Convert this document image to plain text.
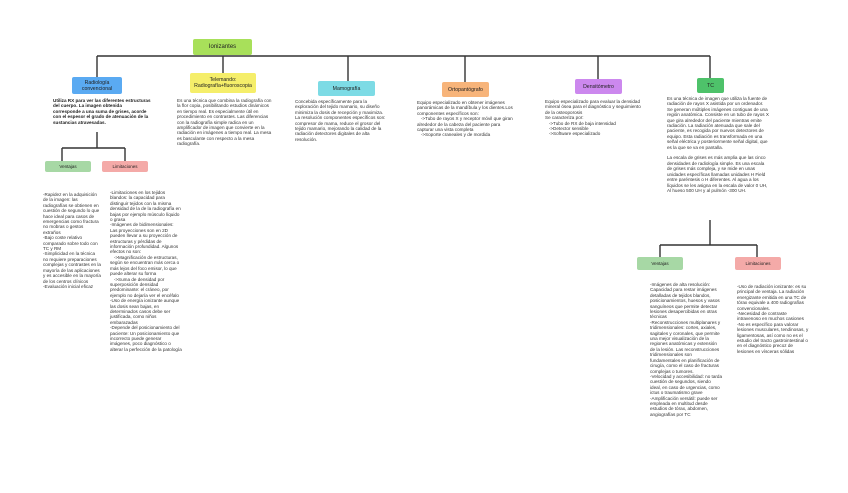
Ionizantes
Radiología convencional
Utiliza RX para ver las diferentes estructuras del cuerpo. La imagen obtenida corresponde a una suma de grises, acorde con el espesor el grado de atenuación de la sustancias atravesadas.
Ventajas	Limitaciones
-Rapidez en la adquisición de la imagen: las radiografías se obtienen en cuestión de segundo lo que hace ideal para casos de emergencias como fractura no mobras o gestos extraños
-Bajo coste relativo comparado sobre todo con TC y RM
-Simplicidad en la técnica no requiere preparaciones complejas y contrastes en la mayoría de las aplicaciones y es accesible en la mayoría de los centros clínicos
-Evaluación inicial eficaz
-Limitaciones en los tejidos blandos: la capacidad para distinguir tejidos con la misma densidad de la de la radiografía en bajas por ejemplo músculo líquido o grasa
-Imágenes de bidimensionales: Las proyecciones son en 2D pueden llevar a su proyección de estructuras y pérdidas de información profundidad. Algunos efectos no son:
->Magnificación de estructuras, según se encuentran más cerca o más lejos del foco emisor, lo que puede alterar su forma
->Suma de densidad por superposición densidad predominante: el cráneo, por ejemplo no dejaría ver el encéfalo
-Uso de energía ionizante aunque las dosis sean bajas, en determinados casos debe ser justificada, como niños embarazadas
-Depende del posicionamiento del paciente: Un posicionamiento que incorrecto puede generar imágenes, poco diagnóstico o alterar la perfección de la patología
Telemando: Radiografía+fluoroscopia
Es una técnica que combina la radiografía con la flor copia, posibilitando estudios dinámicos en tiempo real. Es especialmente útil en procedimiento en contrastes. Las diferencias con la radiografía simple radica en un amplificador de imagen que convierte en la radiación en imágenes a tiempo real. La mesa es basculante con respecto a la mesa radiografía.
Mamografía
Concebida específicamente para la exploración del tejido mamario, su diseño minimiza la dosis de recepción y maximiza. La resolución componentes específicos son: compresor de mama, reduce el grosor del tejido mamario, mejorando la calidad de la radiación detectores digitales de alta resolución.
Ortopantógrafo
Equipo especializado en obtener imágenes panorámicas de la mandíbula y los dientes.Los componentes específicos son:
->Tubo de rayos X y receptor móvil que giran alrededor de la cabeza del paciente para capturar una vista completa
->Soporte craneales y de mordida
Densitómetro
Equipo especializado para evaluar la densidad mineral ósea para el diagnóstico y seguimiento de la osteoporosis
Se caracteriza por:
->Tubo de RX de baja intensidad
->Detector sensible
->Software especializado
TC
Es una técnica de imagen que utiliza la fuente de radiación de rayos X asistida por un ordenador. Se generan múltiples imágenes contiguas de una región anatómica. Consiste en un tubo de rayos X que gira alrededor del paciente mientras emite radiación. La radiación atenuada que sale del paciente, es recogida por nuevos detectores de equipo. Esta radiación es transformada en una señal eléctrica y posteriormente señal digital, que es la que se va en pantalla.

La escala de grises es más amplia que las cinco densidades de radiología simple. Es una escala de grises más compleja, y se mide en unas unidades específicas llamadas unidades H Field entre paréntesis o H diferentes. Al agua a los líquidos se les asigna en la escala de valor 0 UH, Al hueso 500 UH y al pulmón -300 UH.
Ventajas	Limitaciones
-Imágenes de alta resolución: Capacidad para restar imágenes detalladas de tejidos blandos, posicionamientos, huesos y vasos sanguíneos que permite detectar lesiones desapercibidas en otras técnicas
-Reconstrucciones multiplanares y tridimensionales: cortes, axiales, sagitales y coronales, que permite una mejor visualización de la regiones anatómicas y extensión de la lesión. Las reconstrucciones tridimensionales son fundamentales en planificación de cirugía, como el caso de fracturas complejas o tumores.
-Velocidad y accesibilidad: no tarda cuestión de segundos, siendo ideal, en caso de urgencias, como ictus o traumatismo grave
-Amplificación versátil: puede ser empleada en multitud desde estudios de tórax, abdomen, angiografías por TC
-Uso de radiación ionizante: es su principal de ventaja. La radiación energizante emitida en una TC de tórax equivale a 400 radiografías convencionales.
-Necesidad de contraste intravenoso en muchos casiones
-No es específico para valorar lesiones musculares, tendinosas, y ligamentosas, así como no es el estudio del tracto gastrointestinal o en el diagnóstico precoz de lesiones en vísceras sólidas
